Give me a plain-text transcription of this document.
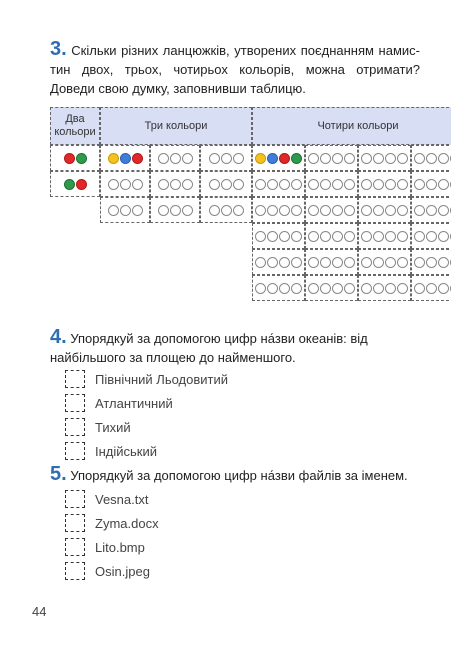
3. Скільки різних ланцюжків, утворених поєднанням намис-
тин двох, трьох, чотирьох кольорів, можна отримати?
Доведи свою думку, заповнивши таблицю.
Два кольори
Три кольори	Чотири кольори
4. Упорядкуй за допомогою цифр на́зви океанів: від найбільшого за площею до найменшого.
Північний Льодовитий
Атлантичний
Тихий
Індійський
5. Упорядкуй за допомогою цифр на́зви файлів за іменем.
Vesna.txt
Zyma.docx
Lito.bmp
Osin.jpeg
44
